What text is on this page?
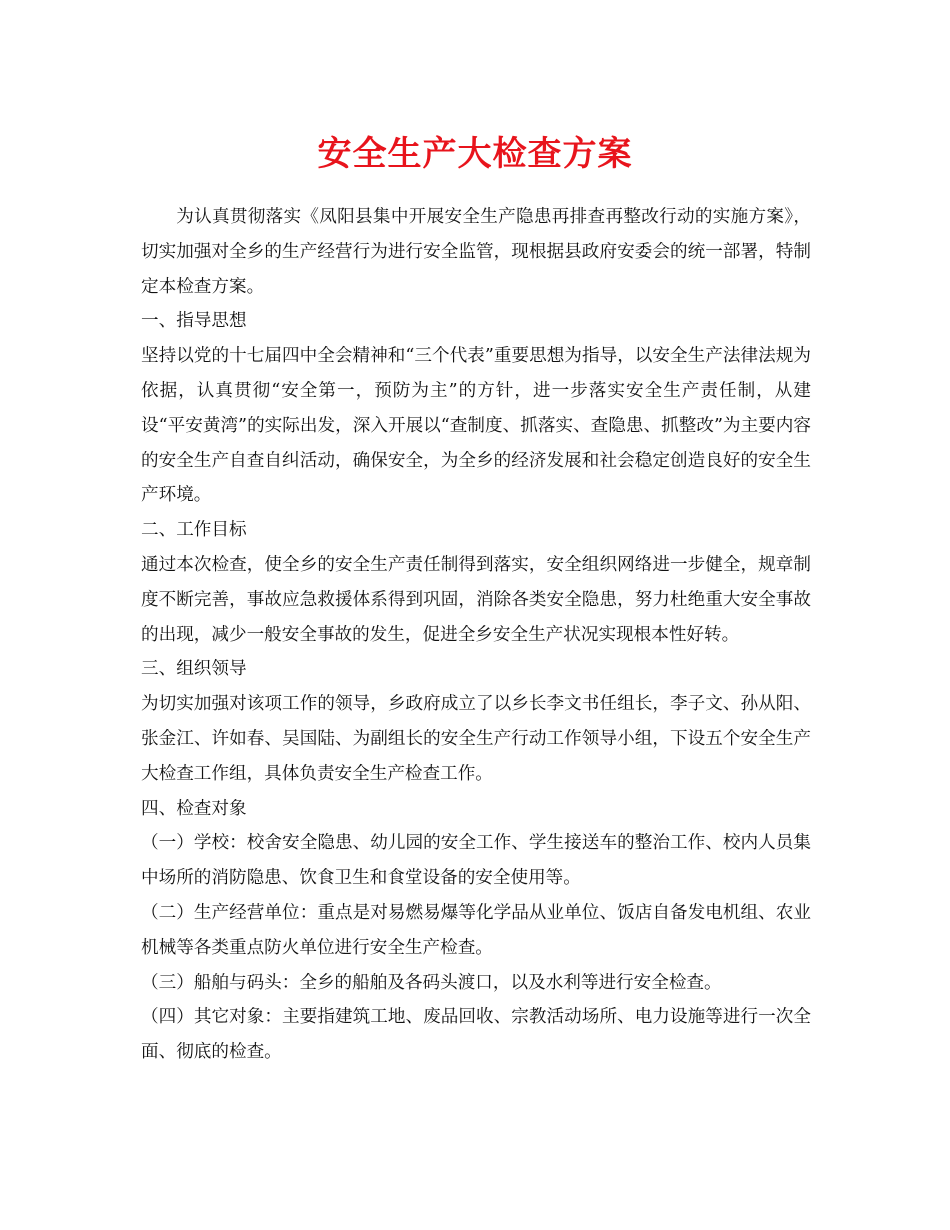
安全生产大检查方案

为认真贯彻落实《凤阳县集中开展安全生产隐患再排查再整改行动的实施方案》，切实加强对全乡的生产经营行为进行安全监管，现根据县政府安委会的统一部署，特制定本检查方案。

一、指导思想

坚持以党的十七届四中全会精神和“三个代表”重要思想为指导，以安全生产法律法规为依据，认真贯彻“安全第一，预防为主”的方针，进一步落实安全生产责任制，从建设“平安黄湾”的实际出发，深入开展以“查制度、抓落实、查隐患、抓整改”为主要内容的安全生产自查自纠活动，确保安全，为全乡的经济发展和社会稳定创造良好的安全生产环境。

二、工作目标

通过本次检查，使全乡的安全生产责任制得到落实，安全组织网络进一步健全，规章制度不断完善，事故应急救援体系得到巩固，消除各类安全隐患，努力杜绝重大安全事故的出现，减少一般安全事故的发生，促进全乡安全生产状况实现根本性好转。

三、组织领导

为切实加强对该项工作的领导，乡政府成立了以乡长李文书任组长，李子文、孙从阳、张金江、许如春、吴国陆、为副组长的安全生产行动工作领导小组，下设五个安全生产大检查工作组，具体负责安全生产检查工作。

四、检查对象

（一）学校：校舍安全隐患、幼儿园的安全工作、学生接送车的整治工作、校内人员集中场所的消防隐患、饮食卫生和食堂设备的安全使用等。

（二）生产经营单位：重点是对易燃易爆等化学品从业单位、饭店自备发电机组、农业机械等各类重点防火单位进行安全生产检查。

（三）船舶与码头：全乡的船舶及各码头渡口，以及水利等进行安全检查。

（四）其它对象：主要指建筑工地、废品回收、宗教活动场所、电力设施等进行一次全面、彻底的检查。
